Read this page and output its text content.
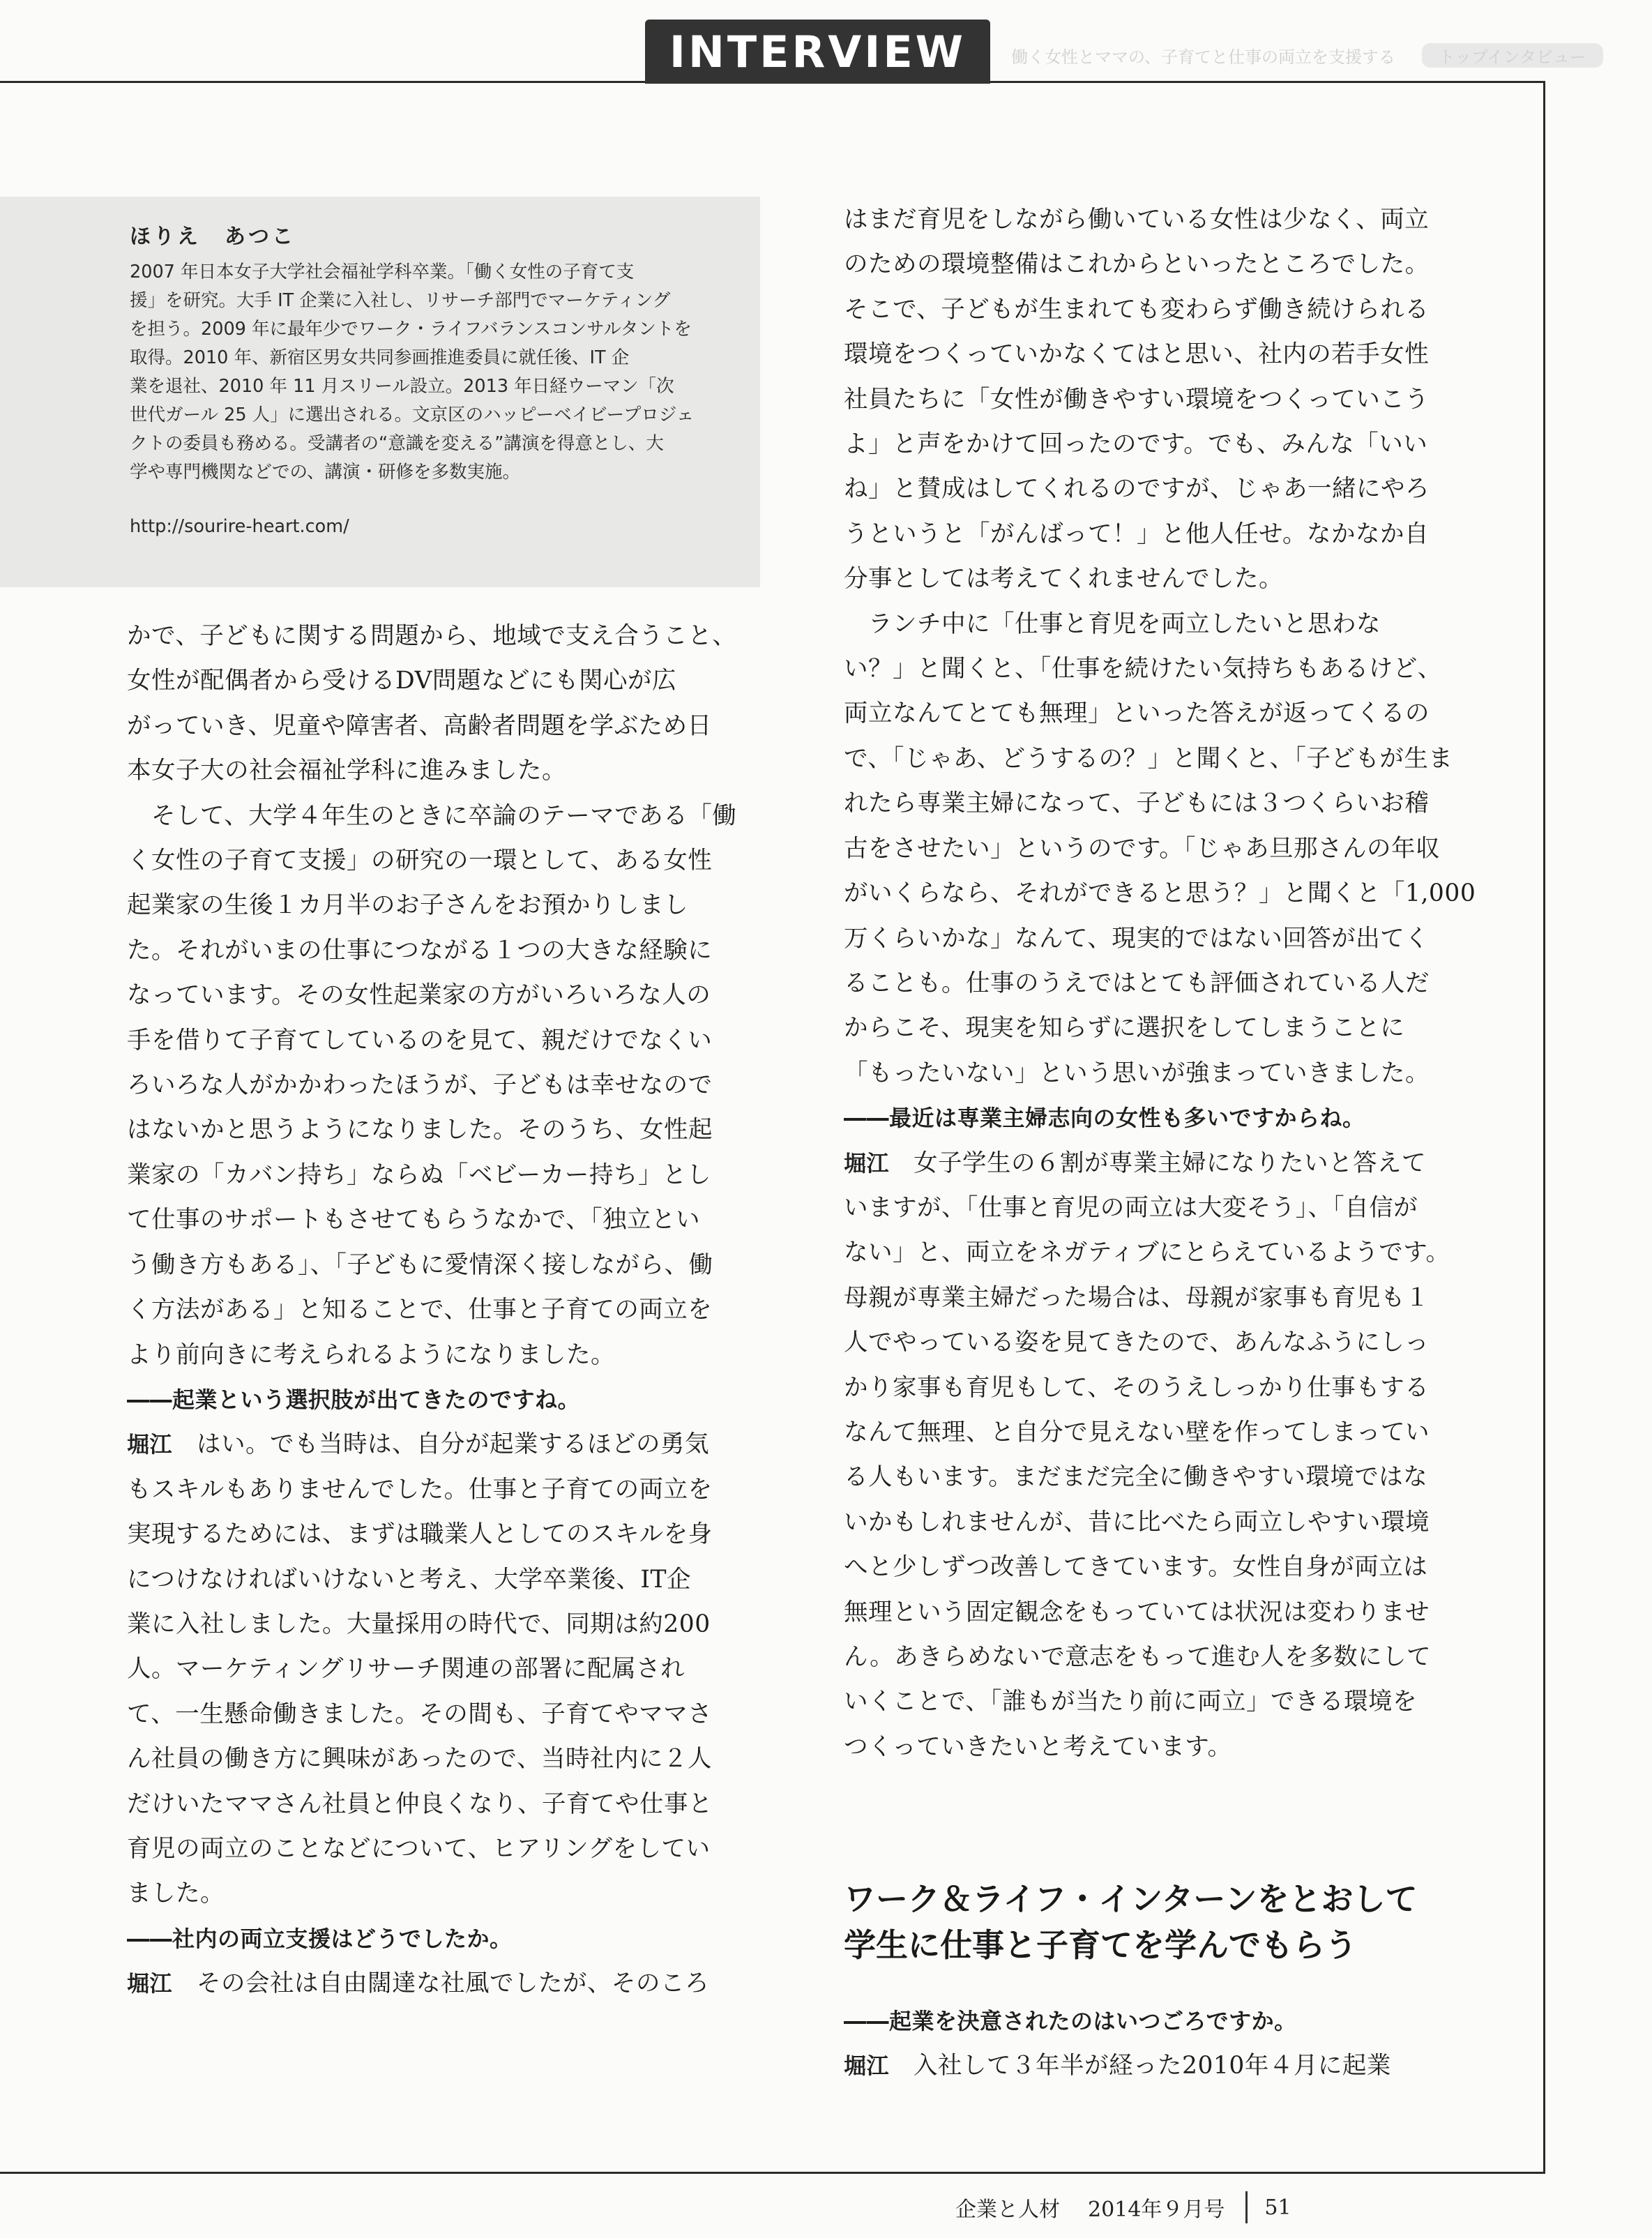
INTERVIEW	働く女性とママの、子育てと仕事の両立を支援する	トップインタビュー
ほりえ　あつこ
2007 年日本女子大学社会福祉学科卒業。「働く女性の子育て支
援」を研究。大手 IT 企業に入社し、リサーチ部門でマーケティング
を担う。2009 年に最年少でワーク・ライフバランスコンサルタントを
取得。2010 年、新宿区男女共同参画推進委員に就任後、IT 企
業を退社、2010 年 11 月スリール設立。2013 年日経ウーマン「次
世代ガール 25 人」に選出される。文京区のハッピーベイビープロジェ
クトの委員も務める。受講者の“意識を変える”講演を得意とし、大
学や専門機関などでの、講演・研修を多数実施。
http://sourire-heart.com/

かで、子どもに関する問題から、地域で支え合うこと、

女性が配偶者から受けるDV問題などにも関心が広

がっていき、児童や障害者、高齢者問題を学ぶため日

本女子大の社会福祉学科に進みました。

　そして、大学４年生のときに卒論のテーマである「働

く女性の子育て支援」の研究の一環として、ある女性

起業家の生後１カ月半のお子さんをお預かりしまし

た。それがいまの仕事につながる１つの大きな経験に

なっています。その女性起業家の方がいろいろな人の

手を借りて子育てしているのを見て、親だけでなくい

ろいろな人がかかわったほうが、子どもは幸せなので

はないかと思うようになりました。そのうち、女性起

業家の「カバン持ち」ならぬ「ベビーカー持ち」とし

て仕事のサポートもさせてもらうなかで、「独立とい

う働き方もある」、「子どもに愛情深く接しながら、働

く方法がある」と知ることで、仕事と子育ての両立を

より前向きに考えられるようになりました。

――起業という選択肢が出てきたのですね。

堀江　はい。でも当時は、自分が起業するほどの勇気

もスキルもありませんでした。仕事と子育ての両立を

実現するためには、まずは職業人としてのスキルを身

につけなければいけないと考え、大学卒業後、IT企

業に入社しました。大量採用の時代で、同期は約200

人。マーケティングリサーチ関連の部署に配属され

て、一生懸命働きました。その間も、子育てやママさ

ん社員の働き方に興味があったので、当時社内に２人

だけいたママさん社員と仲良くなり、子育てや仕事と

育児の両立のことなどについて、ヒアリングをしてい

ました。

――社内の両立支援はどうでしたか。

堀江　その会社は自由闊達な社風でしたが、そのころ

はまだ育児をしながら働いている女性は少なく、両立

のための環境整備はこれからといったところでした。

そこで、子どもが生まれても変わらず働き続けられる

環境をつくっていかなくてはと思い、社内の若手女性

社員たちに「女性が働きやすい環境をつくっていこう

よ」と声をかけて回ったのです。でも、みんな「いい

ね」と賛成はしてくれるのですが、じゃあ一緒にやろ

うというと「がんばって！」と他人任せ。なかなか自

分事としては考えてくれませんでした。

　ランチ中に「仕事と育児を両立したいと思わな

い？」と聞くと、「仕事を続けたい気持ちもあるけど、

両立なんてとても無理」といった答えが返ってくるの

で、「じゃあ、どうするの？」と聞くと、「子どもが生ま

れたら専業主婦になって、子どもには３つくらいお稽

古をさせたい」というのです。「じゃあ旦那さんの年収

がいくらなら、それができると思う？」と聞くと「1,000

万くらいかな」なんて、現実的ではない回答が出てく

ることも。仕事のうえではとても評価されている人だ

からこそ、現実を知らずに選択をしてしまうことに

「もったいない」という思いが強まっていきました。

――最近は専業主婦志向の女性も多いですからね。

堀江　女子学生の６割が専業主婦になりたいと答えて

いますが、「仕事と育児の両立は大変そう」、「自信が

ない」と、両立をネガティブにとらえているようです。

母親が専業主婦だった場合は、母親が家事も育児も１

人でやっている姿を見てきたので、あんなふうにしっ

かり家事も育児もして、そのうえしっかり仕事もする

なんて無理、と自分で見えない壁を作ってしまってい

る人もいます。まだまだ完全に働きやすい環境ではな

いかもしれませんが、昔に比べたら両立しやすい環境

へと少しずつ改善してきています。女性自身が両立は

無理という固定観念をもっていては状況は変わりませ

ん。あきらめないで意志をもって進む人を多数にして

いくことで、「誰もが当たり前に両立」できる環境を

つくっていきたいと考えています。

ワーク＆ライフ・インターンをとおして
学生に仕事と子育てを学んでもらう

――起業を決意されたのはいつごろですか。

堀江　入社して３年半が経った2010年４月に起業

企業と人材 2014年９月号 51
